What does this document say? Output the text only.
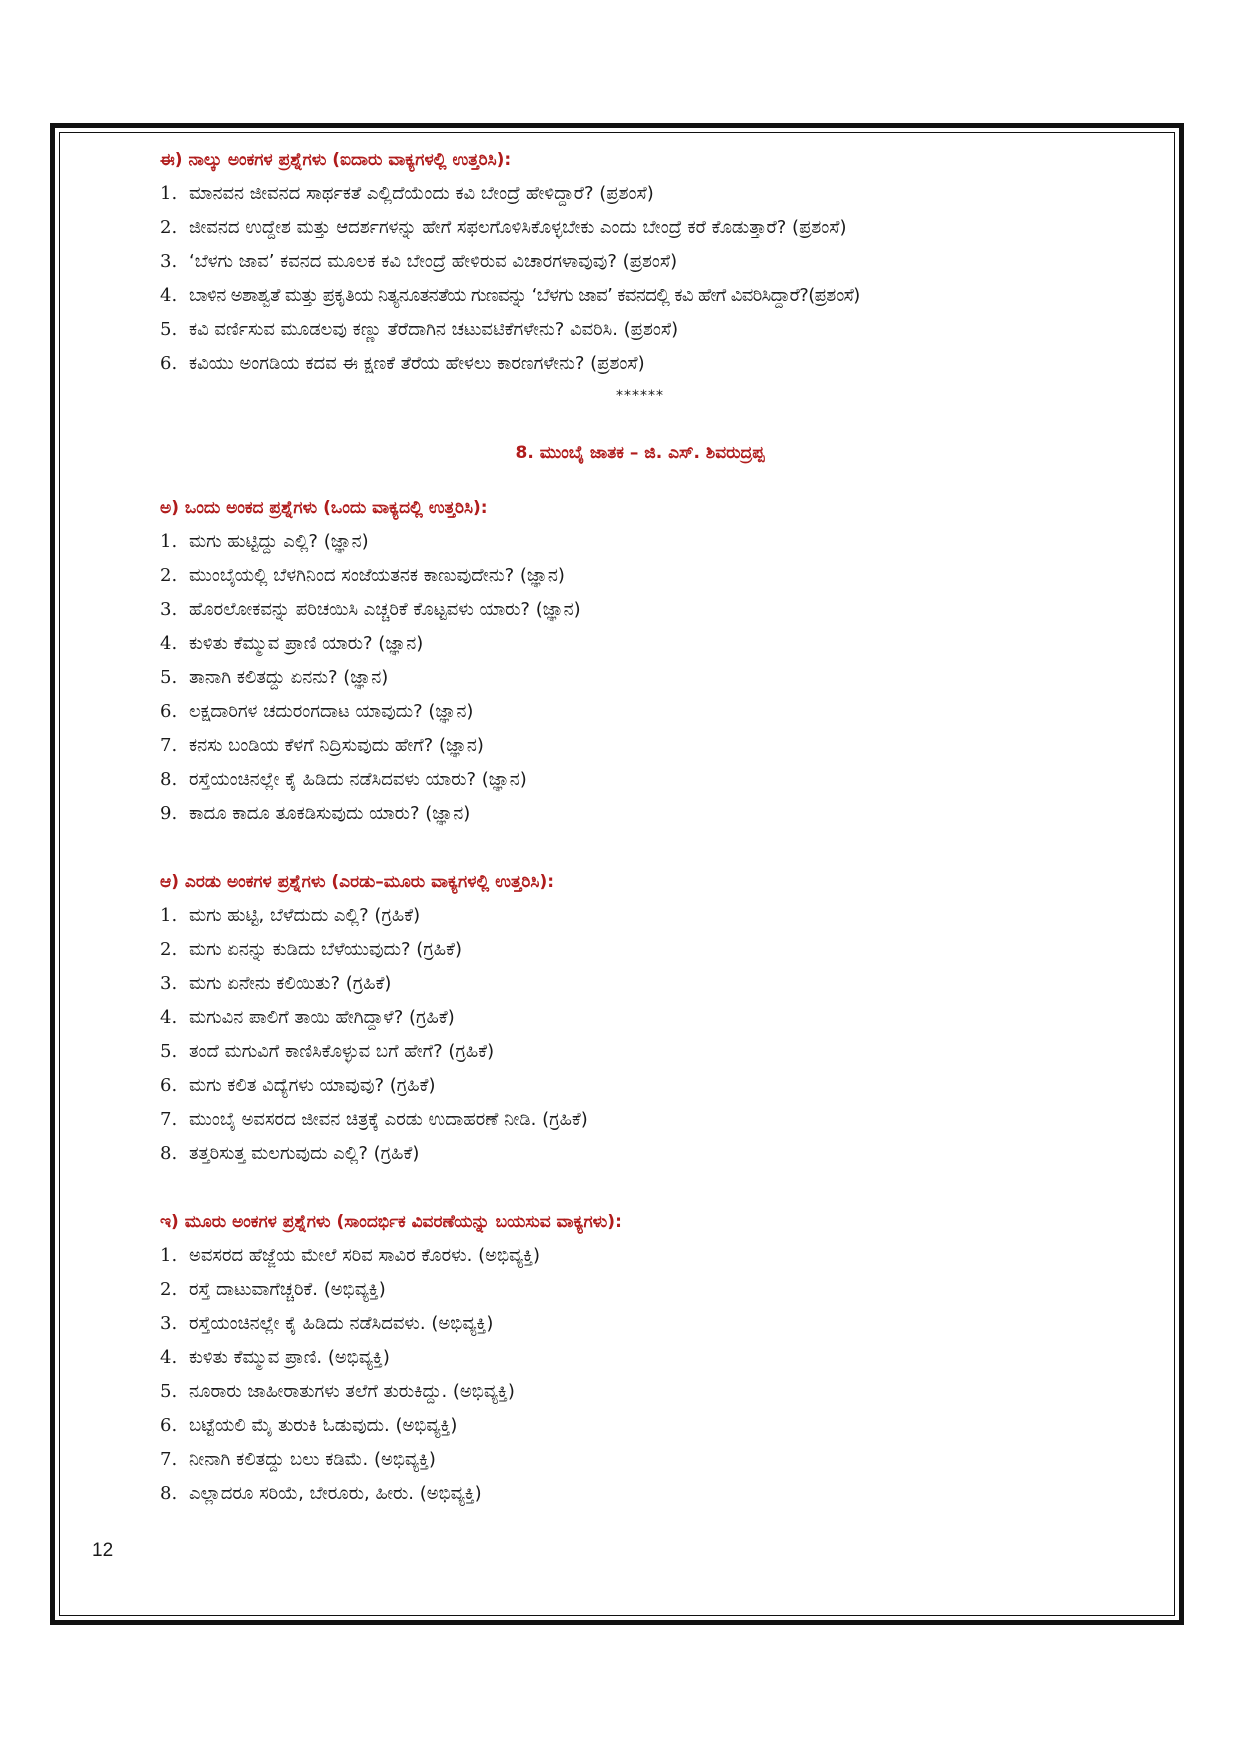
ಈ) ನಾಲ್ಕು ಅಂಕಗಳ ಪ್ರಶ್ನೆಗಳು (ಐದಾರು ವಾಕ್ಯಗಳಲ್ಲಿ ಉತ್ತರಿಸಿ):
1. ಮಾನವನ ಜೀವನದ ಸಾರ್ಥಕತೆ ಎಲ್ಲಿದೆಯೆಂದು ಕವಿ ಬೇಂದ್ರೆ ಹೇಳಿದ್ದಾರೆ? (ಪ್ರಶಂಸೆ)
2. ಜೀವನದ ಉದ್ದೇಶ ಮತ್ತು ಆದರ್ಶಗಳನ್ನು ಹೇಗೆ ಸಫಲಗೊಳಿಸಿಕೊಳ್ಳಬೇಕು ಎಂದು ಬೇಂದ್ರೆ ಕರೆ ಕೊಡುತ್ತಾರೆ? (ಪ್ರಶಂಸೆ)
3. ‘ಬೆಳಗು ಜಾವ’ ಕವನದ ಮೂಲಕ ಕವಿ ಬೇಂದ್ರೆ ಹೇಳಿರುವ ವಿಚಾರಗಳಾವುವು? (ಪ್ರಶಂಸೆ)
4. ಬಾಳಿನ ಅಶಾಶ್ವತೆ ಮತ್ತು ಪ್ರಕೃತಿಯ ನಿತ್ಯನೂತನತೆಯ ಗುಣವನ್ನು ‘ಬೆಳಗು ಜಾವ’ ಕವನದಲ್ಲಿ ಕವಿ ಹೇಗೆ ವಿವರಿಸಿದ್ದಾರೆ?(ಪ್ರಶಂಸೆ)
5. ಕವಿ ವರ್ಣಿಸುವ ಮೂಡಲವು ಕಣ್ಣು ತೆರೆದಾಗಿನ ಚಟುವಟಿಕೆಗಳೇನು? ವಿವರಿಸಿ. (ಪ್ರಶಂಸೆ)
6. ಕವಿಯು ಅಂಗಡಿಯ ಕದವ ಈ ಕ್ಷಣಕೆ ತೆರೆಯ ಹೇಳಲು ಕಾರಣಗಳೇನು? (ಪ್ರಶಂಸೆ)
******
8. ಮುಂಬೈ ಜಾತಕ – ಜಿ. ಎಸ್. ಶಿವರುದ್ರಪ್ಪ
ಅ) ಒಂದು ಅಂಕದ ಪ್ರಶ್ನೆಗಳು (ಒಂದು ವಾಕ್ಯದಲ್ಲಿ ಉತ್ತರಿಸಿ):
1. ಮಗು ಹುಟ್ಟಿದ್ದು ಎಲ್ಲಿ? (ಜ್ಞಾನ)
2. ಮುಂಬೈಯಲ್ಲಿ ಬೆಳಗಿನಿಂದ ಸಂಜೆಯತನಕ ಕಾಣುವುದೇನು? (ಜ್ಞಾನ)
3. ಹೊರಲೋಕವನ್ನು ಪರಿಚಯಿಸಿ ಎಚ್ಚರಿಕೆ ಕೊಟ್ಟವಳು ಯಾರು? (ಜ್ಞಾನ)
4. ಕುಳಿತು ಕೆಮ್ಮುವ ಪ್ರಾಣಿ ಯಾರು? (ಜ್ಞಾನ)
5. ತಾನಾಗಿ ಕಲಿತದ್ದು ಏನನು? (ಜ್ಞಾನ)
6. ಲಕ್ಷದಾರಿಗಳ ಚದುರಂಗದಾಟ ಯಾವುದು? (ಜ್ಞಾನ)
7. ಕನಸು ಬಂಡಿಯ ಕೆಳಗೆ ನಿದ್ರಿಸುವುದು ಹೇಗೆ? (ಜ್ಞಾನ)
8. ರಸ್ತೆಯಂಚಿನಲ್ಲೇ ಕೈ ಹಿಡಿದು ನಡೆಸಿದವಳು ಯಾರು? (ಜ್ಞಾನ)
9. ಕಾದೂ ಕಾದೂ ತೂಕಡಿಸುವುದು ಯಾರು? (ಜ್ಞಾನ)
ಆ) ಎರಡು ಅಂಕಗಳ ಪ್ರಶ್ನೆಗಳು (ಎರಡು–ಮೂರು ವಾಕ್ಯಗಳಲ್ಲಿ ಉತ್ತರಿಸಿ):
1. ಮಗು ಹುಟ್ಟಿ, ಬೆಳೆದುದು ಎಲ್ಲಿ? (ಗ್ರಹಿಕೆ)
2. ಮಗು ಏನನ್ನು ಕುಡಿದು ಬೆಳೆಯುವುದು? (ಗ್ರಹಿಕೆ)
3. ಮಗು ಏನೇನು ಕಲಿಯಿತು? (ಗ್ರಹಿಕೆ)
4. ಮಗುವಿನ ಪಾಲಿಗೆ ತಾಯಿ ಹೇಗಿದ್ದಾಳೆ? (ಗ್ರಹಿಕೆ)
5. ತಂದೆ ಮಗುವಿಗೆ ಕಾಣಿಸಿಕೊಳ್ಳುವ ಬಗೆ ಹೇಗೆ? (ಗ್ರಹಿಕೆ)
6. ಮಗು ಕಲಿತ ವಿದ್ಯೆಗಳು ಯಾವುವು? (ಗ್ರಹಿಕೆ)
7. ಮುಂಬೈ ಅವಸರದ ಜೀವನ ಚಿತ್ರಕ್ಕೆ ಎರಡು ಉದಾಹರಣೆ ನೀಡಿ. (ಗ್ರಹಿಕೆ)
8. ತತ್ತರಿಸುತ್ತ ಮಲಗುವುದು ಎಲ್ಲಿ? (ಗ್ರಹಿಕೆ)
ಇ) ಮೂರು ಅಂಕಗಳ ಪ್ರಶ್ನೆಗಳು (ಸಾಂದರ್ಭಿಕ ವಿವರಣೆಯನ್ನು ಬಯಸುವ ವಾಕ್ಯಗಳು):
1. ಅವಸರದ ಹೆಜ್ಜೆಯ ಮೇಲೆ ಸರಿವ ಸಾವಿರ ಕೊರಳು. (ಅಭಿವ್ಯಕ್ತಿ)
2. ರಸ್ತೆ ದಾಟುವಾಗೆಚ್ಚರಿಕೆ. (ಅಭಿವ್ಯಕ್ತಿ)
3. ರಸ್ತೆಯಂಚಿನಲ್ಲೇ ಕೈ ಹಿಡಿದು ನಡೆಸಿದವಳು. (ಅಭಿವ್ಯಕ್ತಿ)
4. ಕುಳಿತು ಕೆಮ್ಮುವ ಪ್ರಾಣಿ. (ಅಭಿವ್ಯಕ್ತಿ)
5. ನೂರಾರು ಜಾಹೀರಾತುಗಳು ತಲೆಗೆ ತುರುಕಿದ್ದು. (ಅಭಿವ್ಯಕ್ತಿ)
6. ಬಟ್ಟೆಯಲಿ ಮೈ ತುರುಕಿ ಓಡುವುದು. (ಅಭಿವ್ಯಕ್ತಿ)
7. ನೀನಾಗಿ ಕಲಿತದ್ದು ಬಲು ಕಡಿಮೆ. (ಅಭಿವ್ಯಕ್ತಿ)
8. ಎಲ್ಲಾದರೂ ಸರಿಯೆ, ಬೇರೂರು, ಹೀರು. (ಅಭಿವ್ಯಕ್ತಿ)
12
